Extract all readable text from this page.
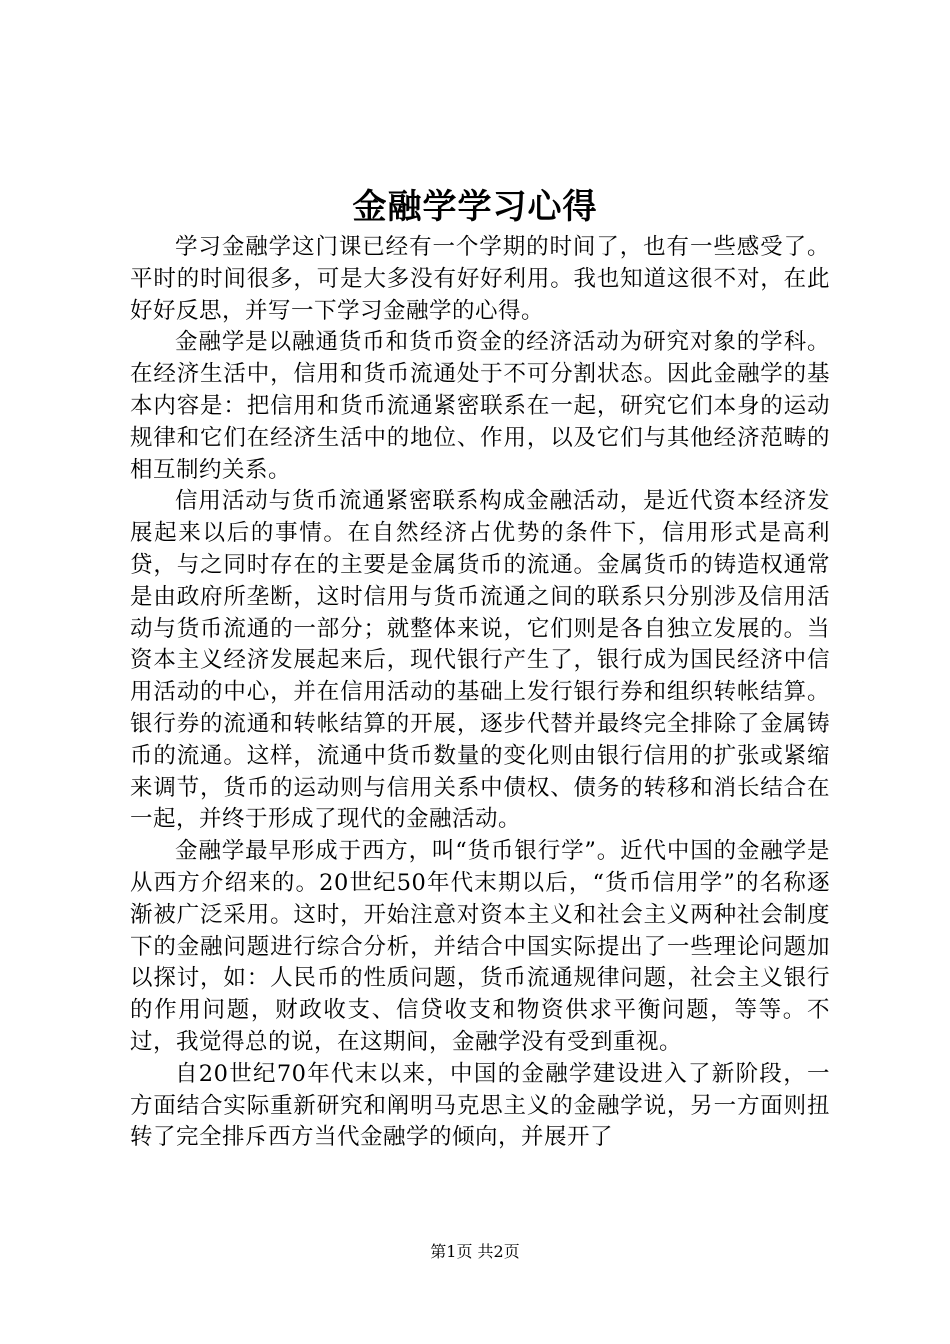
金融学学习心得

学习金融学这门课已经有一个学期的时间了，也有一些感受了。平时的时间很多，可是大多没有好好利用。我也知道这很不对，在此好好反思，并写一下学习金融学的心得。

金融学是以融通货币和货币资金的经济活动为研究对象的学科。在经济生活中，信用和货币流通处于不可分割状态。因此金融学的基本内容是：把信用和货币流通紧密联系在一起，研究它们本身的运动规律和它们在经济生活中的地位、作用，以及它们与其他经济范畴的相互制约关系。

信用活动与货币流通紧密联系构成金融活动，是近代资本经济发展起来以后的事情。在自然经济占优势的条件下，信用形式是高利贷，与之同时存在的主要是金属货币的流通。金属货币的铸造权通常是由政府所垄断，这时信用与货币流通之间的联系只分别涉及信用活动与货币流通的一部分；就整体来说，它们则是各自独立发展的。当资本主义经济发展起来后，现代银行产生了，银行成为国民经济中信用活动的中心，并在信用活动的基础上发行银行券和组织转帐结算。银行券的流通和转帐结算的开展，逐步代替并最终完全排除了金属铸币的流通。这样，流通中货币数量的变化则由银行信用的扩张或紧缩来调节，货币的运动则与信用关系中债权、债务的转移和消长结合在一起，并终于形成了现代的金融活动。

金融学最早形成于西方，叫“货币银行学”。近代中国的金融学是从西方介绍来的。20世纪50年代末期以后，“货币信用学”的名称逐渐被广泛采用。这时，开始注意对资本主义和社会主义两种社会制度下的金融问题进行综合分析，并结合中国实际提出了一些理论问题加以探讨，如：人民币的性质问题，货币流通规律问题，社会主义银行的作用问题，财政收支、信贷收支和物资供求平衡问题，等等。不过，我觉得总的说，在这期间，金融学没有受到重视。

自20世纪70年代末以来，中国的金融学建设进入了新阶段，一方面结合实际重新研究和阐明马克思主义的金融学说，另一方面则扭转了完全排斥西方当代金融学的倾向，并展开了

第1页 共2页
